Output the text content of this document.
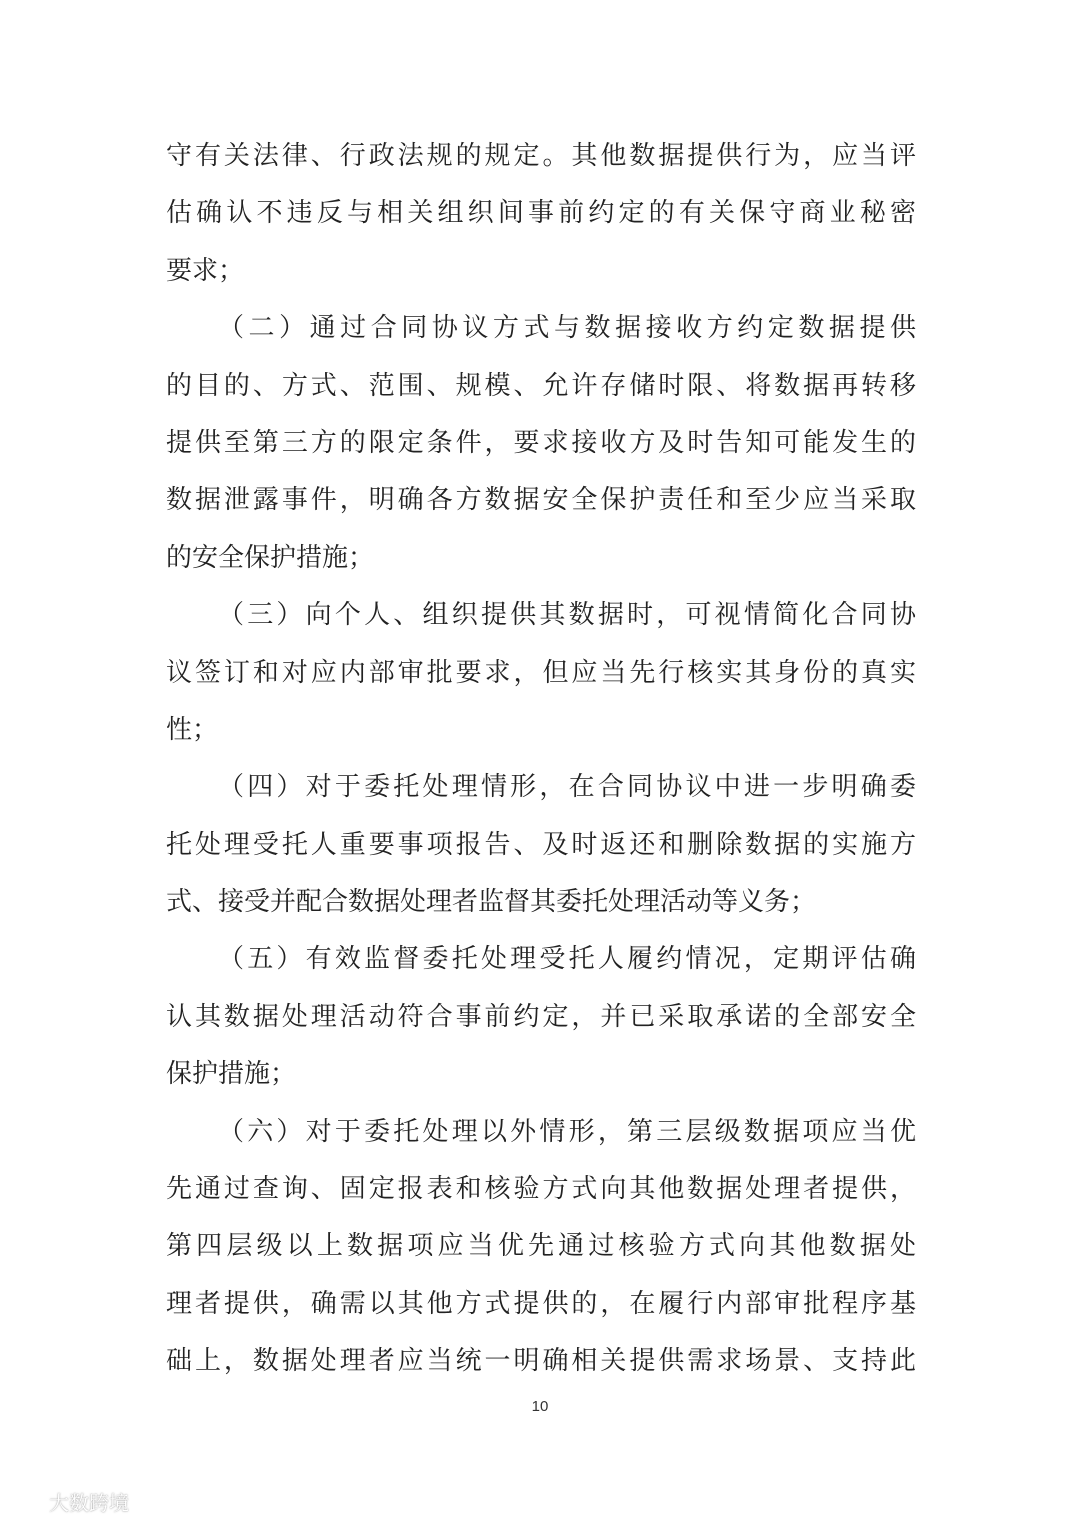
守有关法律、行政法规的规定。其他数据提供行为，应当评
估确认不违反与相关组织间事前约定的有关保守商业秘密
要求；
（二）通过合同协议方式与数据接收方约定数据提供
的目的、方式、范围、规模、允许存储时限、将数据再转移
提供至第三方的限定条件，要求接收方及时告知可能发生的
数据泄露事件，明确各方数据安全保护责任和至少应当采取
的安全保护措施；
（三）向个人、组织提供其数据时，可视情简化合同协
议签订和对应内部审批要求，但应当先行核实其身份的真实
性；
（四）对于委托处理情形，在合同协议中进一步明确委
托处理受托人重要事项报告、及时返还和删除数据的实施方
式、接受并配合数据处理者监督其委托处理活动等义务；
（五）有效监督委托处理受托人履约情况，定期评估确
认其数据处理活动符合事前约定，并已采取承诺的全部安全
保护措施；
（六）对于委托处理以外情形，第三层级数据项应当优
先通过查询、固定报表和核验方式向其他数据处理者提供，
第四层级以上数据项应当优先通过核验方式向其他数据处
理者提供，确需以其他方式提供的，在履行内部审批程序基
础上，数据处理者应当统一明确相关提供需求场景、支持此
10
大数跨境
